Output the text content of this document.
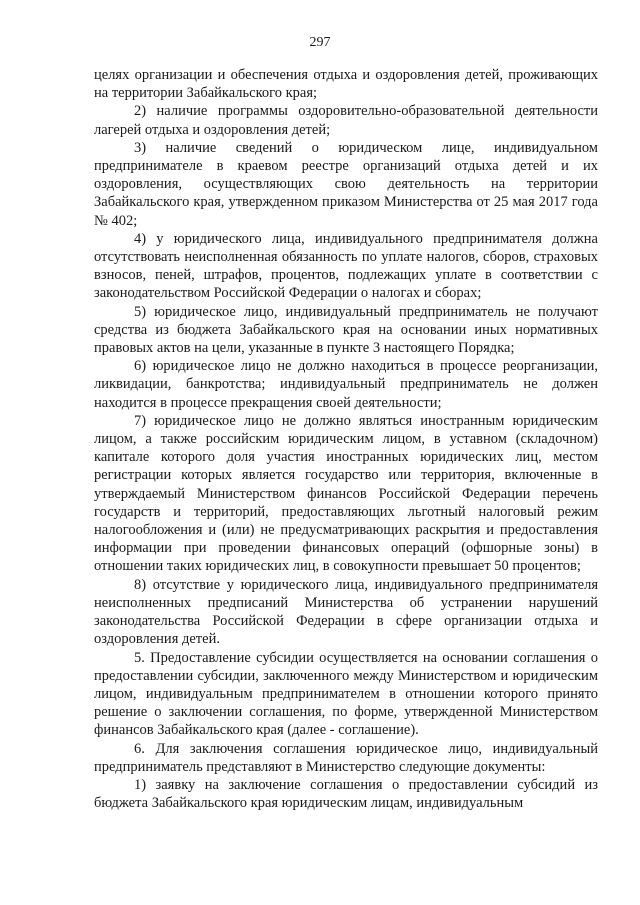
297

целях организации и обеспечения отдыха и оздоровления детей, проживающих на территории Забайкальского края;

2) наличие программы оздоровительно-образовательной деятельности лагерей отдыха и оздоровления детей;

3) наличие сведений о юридическом лице, индивидуальном предпринимателе в краевом реестре организаций отдыха детей и их оздоровления, осуществляющих свою деятельность на территории Забайкальского края, утвержденном приказом Министерства от 25 мая 2017 года № 402;

4) у юридического лица, индивидуального предпринимателя должна отсутствовать неисполненная обязанность по уплате налогов, сборов, страховых взносов, пеней, штрафов, процентов, подлежащих уплате в соответствии с законодательством Российской Федерации о налогах и сборах;

5) юридическое лицо, индивидуальный предприниматель не получают средства из бюджета Забайкальского края на основании иных нормативных правовых актов на цели, указанные в пункте 3 настоящего Порядка;

6) юридическое лицо не должно находиться в процессе реорганизации, ликвидации, банкротства; индивидуальный предприниматель не должен находится в процессе прекращения своей деятельности;

7) юридическое лицо не должно являться иностранным юридическим лицом, а также российским юридическим лицом, в уставном (складочном) капитале которого доля участия иностранных юридических лиц, местом регистрации которых является государство или территория, включенные в утверждаемый Министерством финансов Российской Федерации перечень государств и территорий, предоставляющих льготный налоговый режим налогообложения и (или) не предусматривающих раскрытия и предоставления информации при проведении финансовых операций (офшорные зоны) в отношении таких юридических лиц, в совокупности превышает 50 процентов;

8) отсутствие у юридического лица, индивидуального предпринимателя неисполненных предписаний Министерства об устранении нарушений законодательства Российской Федерации в сфере организации отдыха и оздоровления детей.

5. Предоставление субсидии осуществляется на основании соглашения о предоставлении субсидии, заключенного между Министерством и юридическим лицом, индивидуальным предпринимателем в отношении которого принято решение о заключении соглашения, по форме, утвержденной Министерством финансов Забайкальского края (далее - соглашение).

6. Для заключения соглашения юридическое лицо, индивидуальный предприниматель представляют в Министерство следующие документы:

1) заявку на заключение соглашения о предоставлении субсидий из бюджета Забайкальского края юридическим лицам, индивидуальным
